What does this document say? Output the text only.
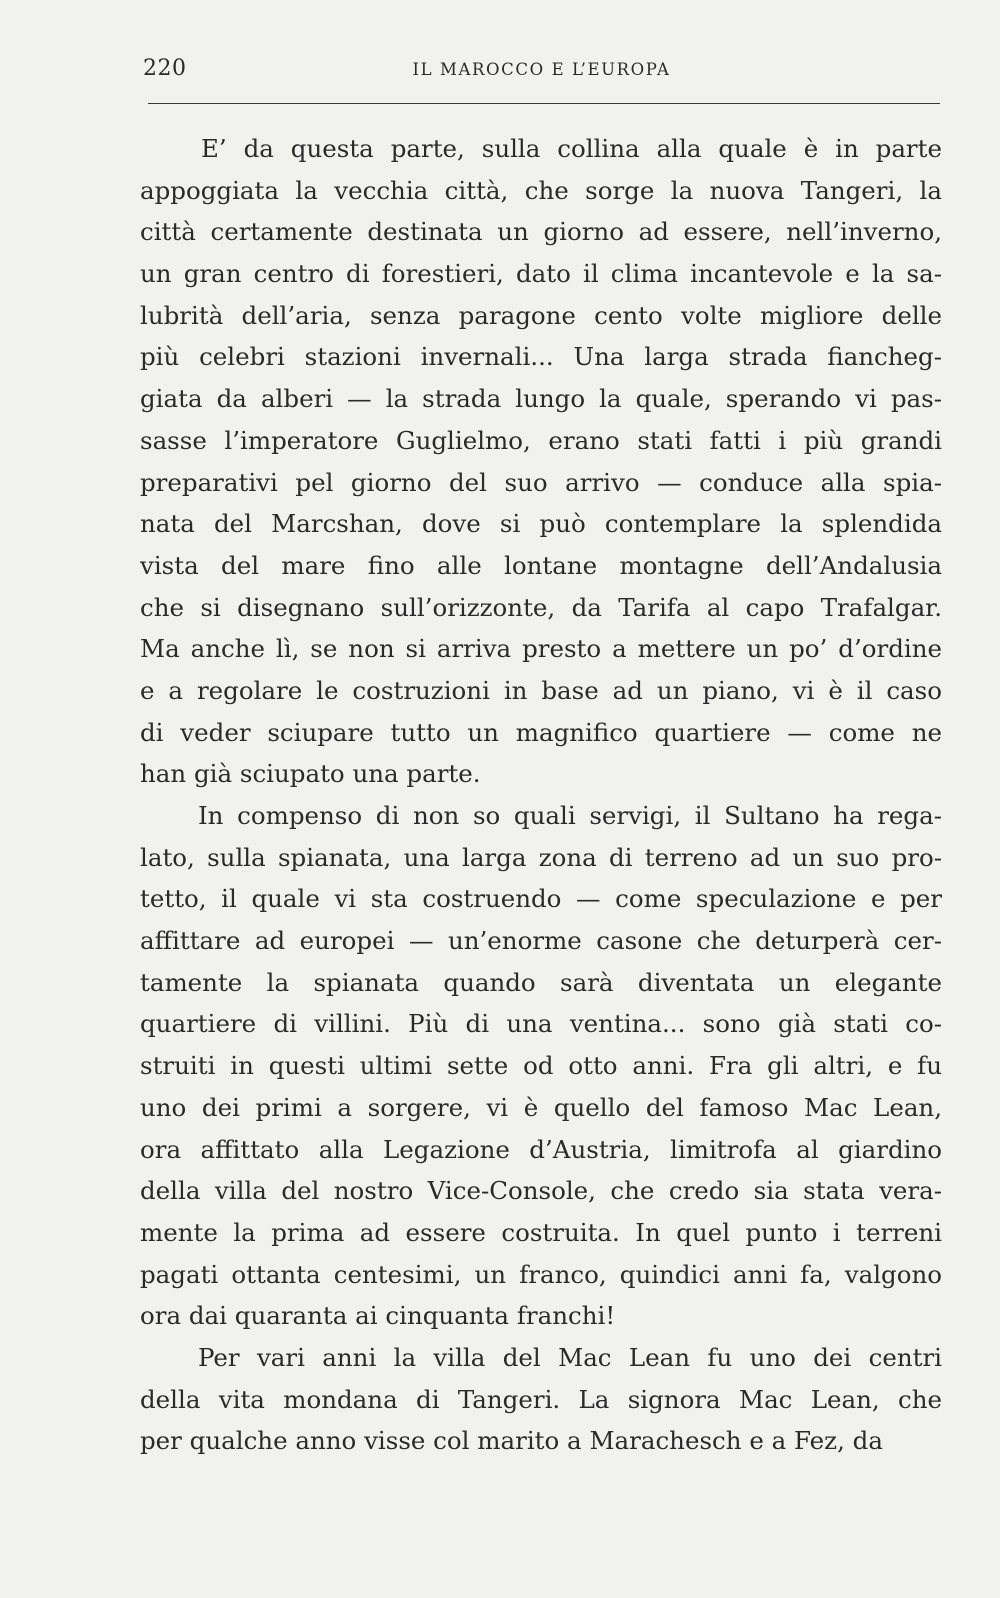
220	IL MAROCCO E L’EUROPA
E’ da questa parte, sulla collina alla quale è in parte
appoggiata la vecchia città, che sorge la nuova Tangeri, la
città certamente destinata un giorno ad essere, nell’inverno,
un gran centro di forestieri, dato il clima incantevole e la sa-
lubrità dell’aria, senza paragone cento volte migliore delle
più celebri stazioni invernali... Una larga strada fiancheg-
giata da alberi — la strada lungo la quale, sperando vi pas-
sasse l’imperatore Guglielmo, erano stati fatti i più grandi
preparativi pel giorno del suo arrivo — conduce alla spia-
nata del Marcshan, dove si può contemplare la splendida
vista del mare fino alle lontane montagne dell’Andalusia
che si disegnano sull’orizzonte, da Tarifa al capo Trafalgar.
Ma anche lì, se non si arriva presto a mettere un po’ d’ordine
e a regolare le costruzioni in base ad un piano, vi è il caso
di veder sciupare tutto un magnifico quartiere — come ne
han già sciupato una parte.
In compenso di non so quali servigi, il Sultano ha rega-
lato, sulla spianata, una larga zona di terreno ad un suo pro-
tetto, il quale vi sta costruendo — come speculazione e per
affittare ad europei — un’enorme casone che deturperà cer-
tamente la spianata quando sarà diventata un elegante
quartiere di villini. Più di una ventina... sono già stati co-
struiti in questi ultimi sette od otto anni. Fra gli altri, e fu
uno dei primi a sorgere, vi è quello del famoso Mac Lean,
ora affittato alla Legazione d’Austria, limitrofa al giardino
della villa del nostro Vice-Console, che credo sia stata vera-
mente la prima ad essere costruita. In quel punto i terreni
pagati ottanta centesimi, un franco, quindici anni fa, valgono
ora dai quaranta ai cinquanta franchi!
Per vari anni la villa del Mac Lean fu uno dei centri
della vita mondana di Tangeri. La signora Mac Lean, che
per qualche anno visse col marito a Marachesch e a Fez, da
